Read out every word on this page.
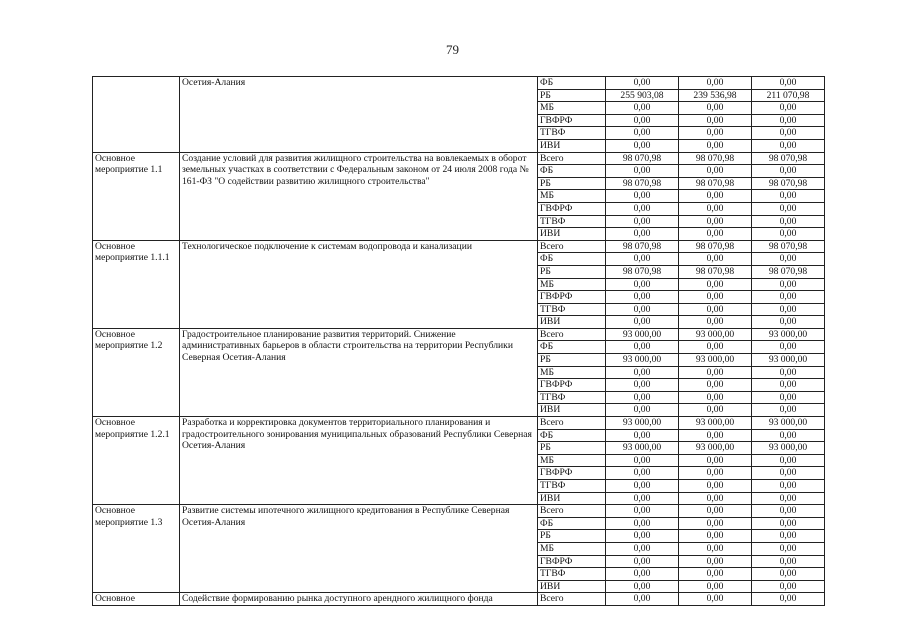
79
	Осетия-Алания	ФБ	0,00	0,00	0,00
		РБ	255 903,08	239 536,98	211 070,98
		МБ	0,00	0,00	0,00
		ГВФРФ	0,00	0,00	0,00
		ТГВФ	0,00	0,00	0,00
		ИВИ	0,00	0,00	0,00
Основное мероприятие 1.1	Создание условий для развития жилищного строительства на вовлекаемых в оборот земельных участках в соответствии с Федеральным законом от 24 июля 2008 года № 161-ФЗ "О содействии развитию жилищного строительства"	Всего	98 070,98	98 070,98	98 070,98
		ФБ	0,00	0,00	0,00
		РБ	98 070,98	98 070,98	98 070,98
		МБ	0,00	0,00	0,00
		ГВФРФ	0,00	0,00	0,00
		ТГВФ	0,00	0,00	0,00
		ИВИ	0,00	0,00	0,00
Основное мероприятие 1.1.1	Технологическое подключение к системам водопровода и канализации	Всего	98 070,98	98 070,98	98 070,98
		ФБ	0,00	0,00	0,00
		РБ	98 070,98	98 070,98	98 070,98
		МБ	0,00	0,00	0,00
		ГВФРФ	0,00	0,00	0,00
		ТГВФ	0,00	0,00	0,00
		ИВИ	0,00	0,00	0,00
Основное мероприятие 1.2	Градостроительное планирование развития территорий. Снижение административных барьеров в области строительства на территории Республики Северная Осетия-Алания	Всего	93 000,00	93 000,00	93 000,00
		ФБ	0,00	0,00	0,00
		РБ	93 000,00	93 000,00	93 000,00
		МБ	0,00	0,00	0,00
		ГВФРФ	0,00	0,00	0,00
		ТГВФ	0,00	0,00	0,00
		ИВИ	0,00	0,00	0,00
Основное мероприятие 1.2.1	Разработка и корректировка документов территориального планирования и градостроительного зонирования муниципальных образований Республики Северная Осетия-Алания	Всего	93 000,00	93 000,00	93 000,00
		ФБ	0,00	0,00	0,00
		РБ	93 000,00	93 000,00	93 000,00
		МБ	0,00	0,00	0,00
		ГВФРФ	0,00	0,00	0,00
		ТГВФ	0,00	0,00	0,00
		ИВИ	0,00	0,00	0,00
Основное мероприятие 1.3	Развитие системы ипотечного жилищного кредитования в Республике Северная Осетия-Алания	Всего	0,00	0,00	0,00
		ФБ	0,00	0,00	0,00
		РБ	0,00	0,00	0,00
		МБ	0,00	0,00	0,00
		ГВФРФ	0,00	0,00	0,00
		ТГВФ	0,00	0,00	0,00
		ИВИ	0,00	0,00	0,00
Основное	Содействие формированию рынка доступного арендного жилищного фонда	Всего	0,00	0,00	0,00
